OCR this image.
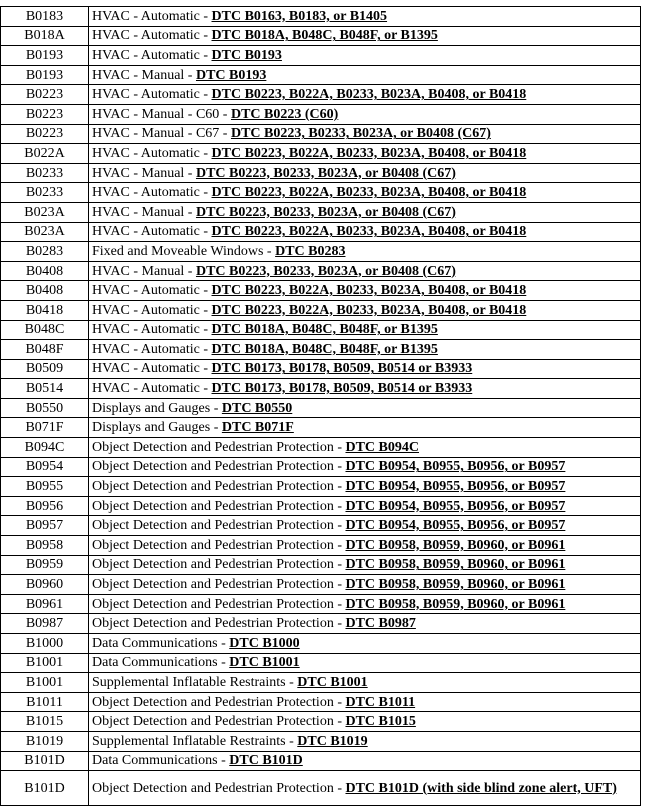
B0183	HVAC - Automatic - DTC B0163, B0183, or B1405
B018A	HVAC - Automatic - DTC B018A, B048C, B048F, or B1395
B0193	HVAC - Automatic - DTC B0193
B0193	HVAC - Manual - DTC B0193
B0223	HVAC - Automatic - DTC B0223, B022A, B0233, B023A, B0408, or B0418
B0223	HVAC - Manual - C60 - DTC B0223 (C60)
B0223	HVAC - Manual - C67 - DTC B0223, B0233, B023A, or B0408 (C67)
B022A	HVAC - Automatic - DTC B0223, B022A, B0233, B023A, B0408, or B0418
B0233	HVAC - Manual - DTC B0223, B0233, B023A, or B0408 (C67)
B0233	HVAC - Automatic - DTC B0223, B022A, B0233, B023A, B0408, or B0418
B023A	HVAC - Manual - DTC B0223, B0233, B023A, or B0408 (C67)
B023A	HVAC - Automatic - DTC B0223, B022A, B0233, B023A, B0408, or B0418
B0283	Fixed and Moveable Windows - DTC B0283
B0408	HVAC - Manual - DTC B0223, B0233, B023A, or B0408 (C67)
B0408	HVAC - Automatic - DTC B0223, B022A, B0233, B023A, B0408, or B0418
B0418	HVAC - Automatic - DTC B0223, B022A, B0233, B023A, B0408, or B0418
B048C	HVAC - Automatic - DTC B018A, B048C, B048F, or B1395
B048F	HVAC - Automatic - DTC B018A, B048C, B048F, or B1395
B0509	HVAC - Automatic - DTC B0173, B0178, B0509, B0514 or B3933
B0514	HVAC - Automatic - DTC B0173, B0178, B0509, B0514 or B3933
B0550	Displays and Gauges - DTC B0550
B071F	Displays and Gauges - DTC B071F
B094C	Object Detection and Pedestrian Protection - DTC B094C
B0954	Object Detection and Pedestrian Protection - DTC B0954, B0955, B0956, or B0957
B0955	Object Detection and Pedestrian Protection - DTC B0954, B0955, B0956, or B0957
B0956	Object Detection and Pedestrian Protection - DTC B0954, B0955, B0956, or B0957
B0957	Object Detection and Pedestrian Protection - DTC B0954, B0955, B0956, or B0957
B0958	Object Detection and Pedestrian Protection - DTC B0958, B0959, B0960, or B0961
B0959	Object Detection and Pedestrian Protection - DTC B0958, B0959, B0960, or B0961
B0960	Object Detection and Pedestrian Protection - DTC B0958, B0959, B0960, or B0961
B0961	Object Detection and Pedestrian Protection - DTC B0958, B0959, B0960, or B0961
B0987	Object Detection and Pedestrian Protection - DTC B0987
B1000	Data Communications - DTC B1000
B1001	Data Communications - DTC B1001
B1001	Supplemental Inflatable Restraints - DTC B1001
B1011	Object Detection and Pedestrian Protection - DTC B1011
B1015	Object Detection and Pedestrian Protection - DTC B1015
B1019	Supplemental Inflatable Restraints - DTC B1019
B101D	Data Communications - DTC B101D
B101D	Object Detection and Pedestrian Protection - DTC B101D (with side blind zone alert, UFT)
